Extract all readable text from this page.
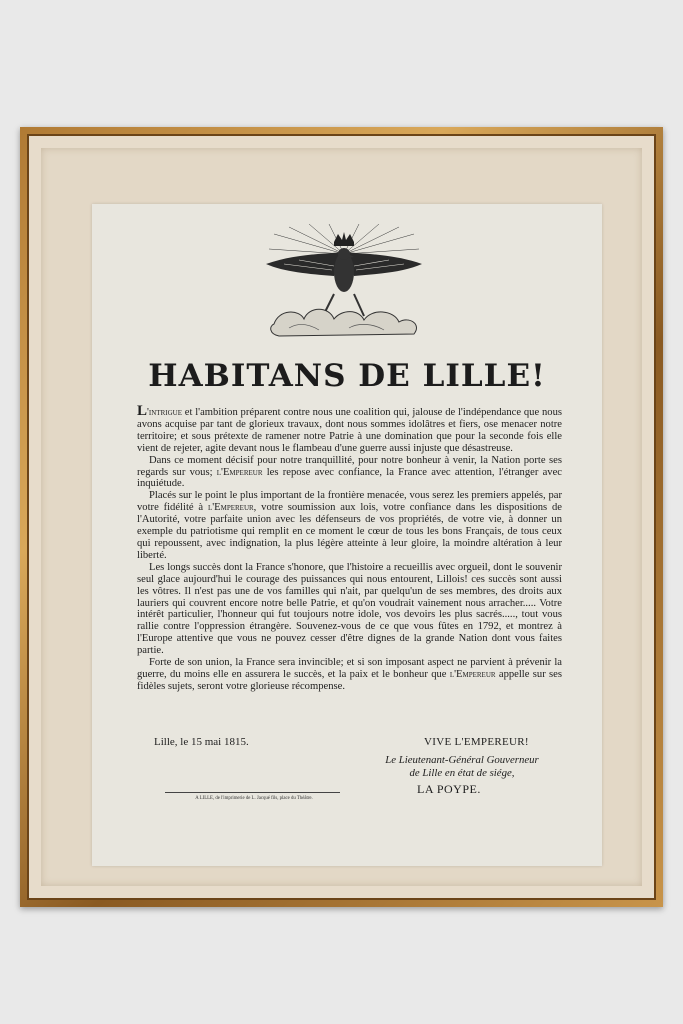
HABITANS DE LILLE!

L'intrigue et l'ambition préparent contre nous une coalition qui, jalouse de l'indépendance que nous avons acquise par tant de glorieux travaux, dont nous sommes idolâtres et fiers, ose menacer notre territoire; et sous prétexte de ramener notre Patrie à une domination que pour la seconde fois elle vient de rejeter, agite devant nous le flambeau d'une guerre aussi injuste que désastreuse.

Dans ce moment décisif pour notre tranquillité, pour notre bonheur à venir, la Nation porte ses regards sur vous; l'Empereur les repose avec confiance, la France avec attention, l'étranger avec inquiétude.

Placés sur le point le plus important de la frontière menacée, vous serez les premiers appelés, par votre fidélité à l'Empereur, votre soumission aux lois, votre confiance dans les dispositions de l'Autorité, votre parfaite union avec les défenseurs de vos propriétés, de votre vie, à donner un exemple du patriotisme qui remplit en ce moment le cœur de tous les bons Français, de tous ceux qui repoussent, avec indignation, la plus légère atteinte à leur gloire, la moindre altération à leur liberté.

Les longs succès dont la France s'honore, que l'histoire a recueillis avec orgueil, dont le souvenir seul glace aujourd'hui le courage des puissances qui nous entourent, Lillois! ces succès sont aussi les vôtres. Il n'est pas une de vos familles qui n'ait, par quelqu'un de ses membres, des droits aux lauriers qui couvrent encore notre belle Patrie, et qu'on voudrait vainement nous arracher..... Votre intérêt particulier, l'honneur qui fut toujours notre idole, vos devoirs les plus sacrés....., tout vous rallie contre l'oppression étrangère. Souvenez-vous de ce que vous fûtes en 1792, et montrez à l'Europe attentive que vous ne pouvez cesser d'être dignes de la grande Nation dont vous faites partie.

Forte de son union, la France sera invincible; et si son imposant aspect ne parvient à prévenir la guerre, du moins elle en assurera le succès, et la paix et le bonheur que l'Empereur appelle sur ses fidèles sujets, seront votre glorieuse récompense.

Lille, le 15 mai 1815.	VIVE L'EMPEREUR!
Le Lieutenant-Général Gouverneur
de Lille en état de siége,
LA POYPE.
A LILLE, de l'imprimerie de L. Jacqué fils, place du Théâtre.
